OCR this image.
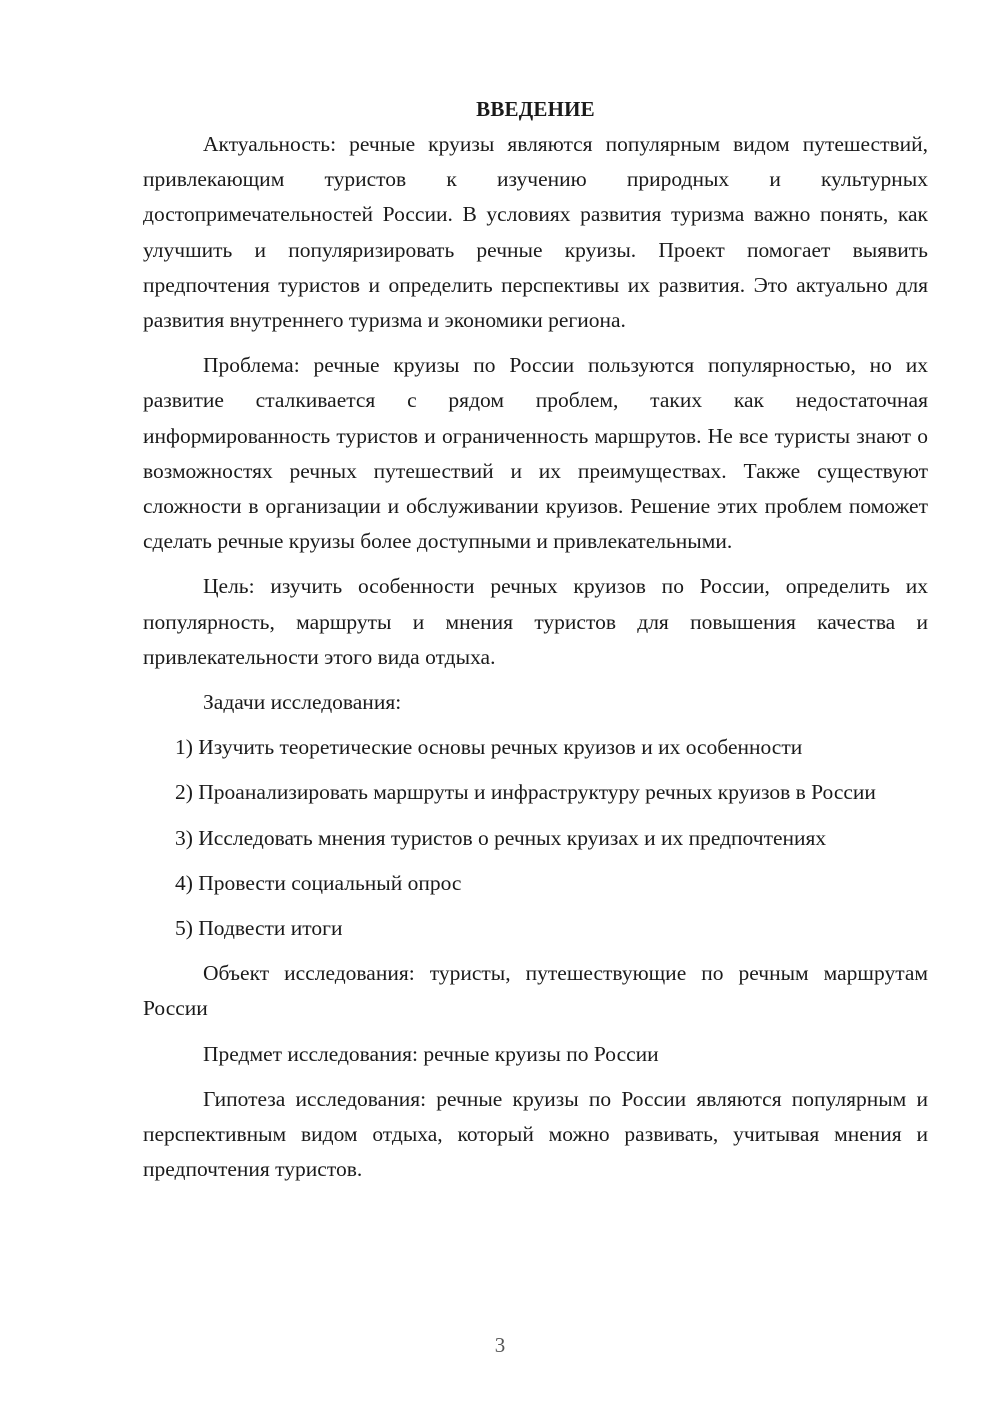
ВВЕДЕНИЕ

Актуальность: речные круизы являются популярным видом путешествий, привлекающим туристов к изучению природных и культурных достопримечательностей России. В условиях развития туризма важно понять, как улучшить и популяризировать речные круизы. Проект помогает выявить предпочтения туристов и определить перспективы их развития. Это актуально для развития внутреннего туризма и экономики региона.

Проблема: речные круизы по России пользуются популярностью, но их развитие сталкивается с рядом проблем, таких как недостаточная информированность туристов и ограниченность маршрутов. Не все туристы знают о возможностях речных путешествий и их преимуществах. Также существуют сложности в организации и обслуживании круизов. Решение этих проблем поможет сделать речные круизы более доступными и привлекательными.

Цель: изучить особенности речных круизов по России, определить их популярность, маршруты и мнения туристов для повышения качества и привлекательности этого вида отдыха.

Задачи исследования:

1) Изучить теоретические основы речных круизов и их особенности

2) Проанализировать маршруты и инфраструктуру речных круизов в России

3) Исследовать мнения туристов о речных круизах и их предпочтениях

4) Провести социальный опрос

5) Подвести итоги

Объект исследования: туристы, путешествующие по речным маршрутам России

Предмет исследования: речные круизы по России

Гипотеза исследования: речные круизы по России являются популярным и перспективным видом отдыха, который можно развивать, учитывая мнения и предпочтения туристов.

3
